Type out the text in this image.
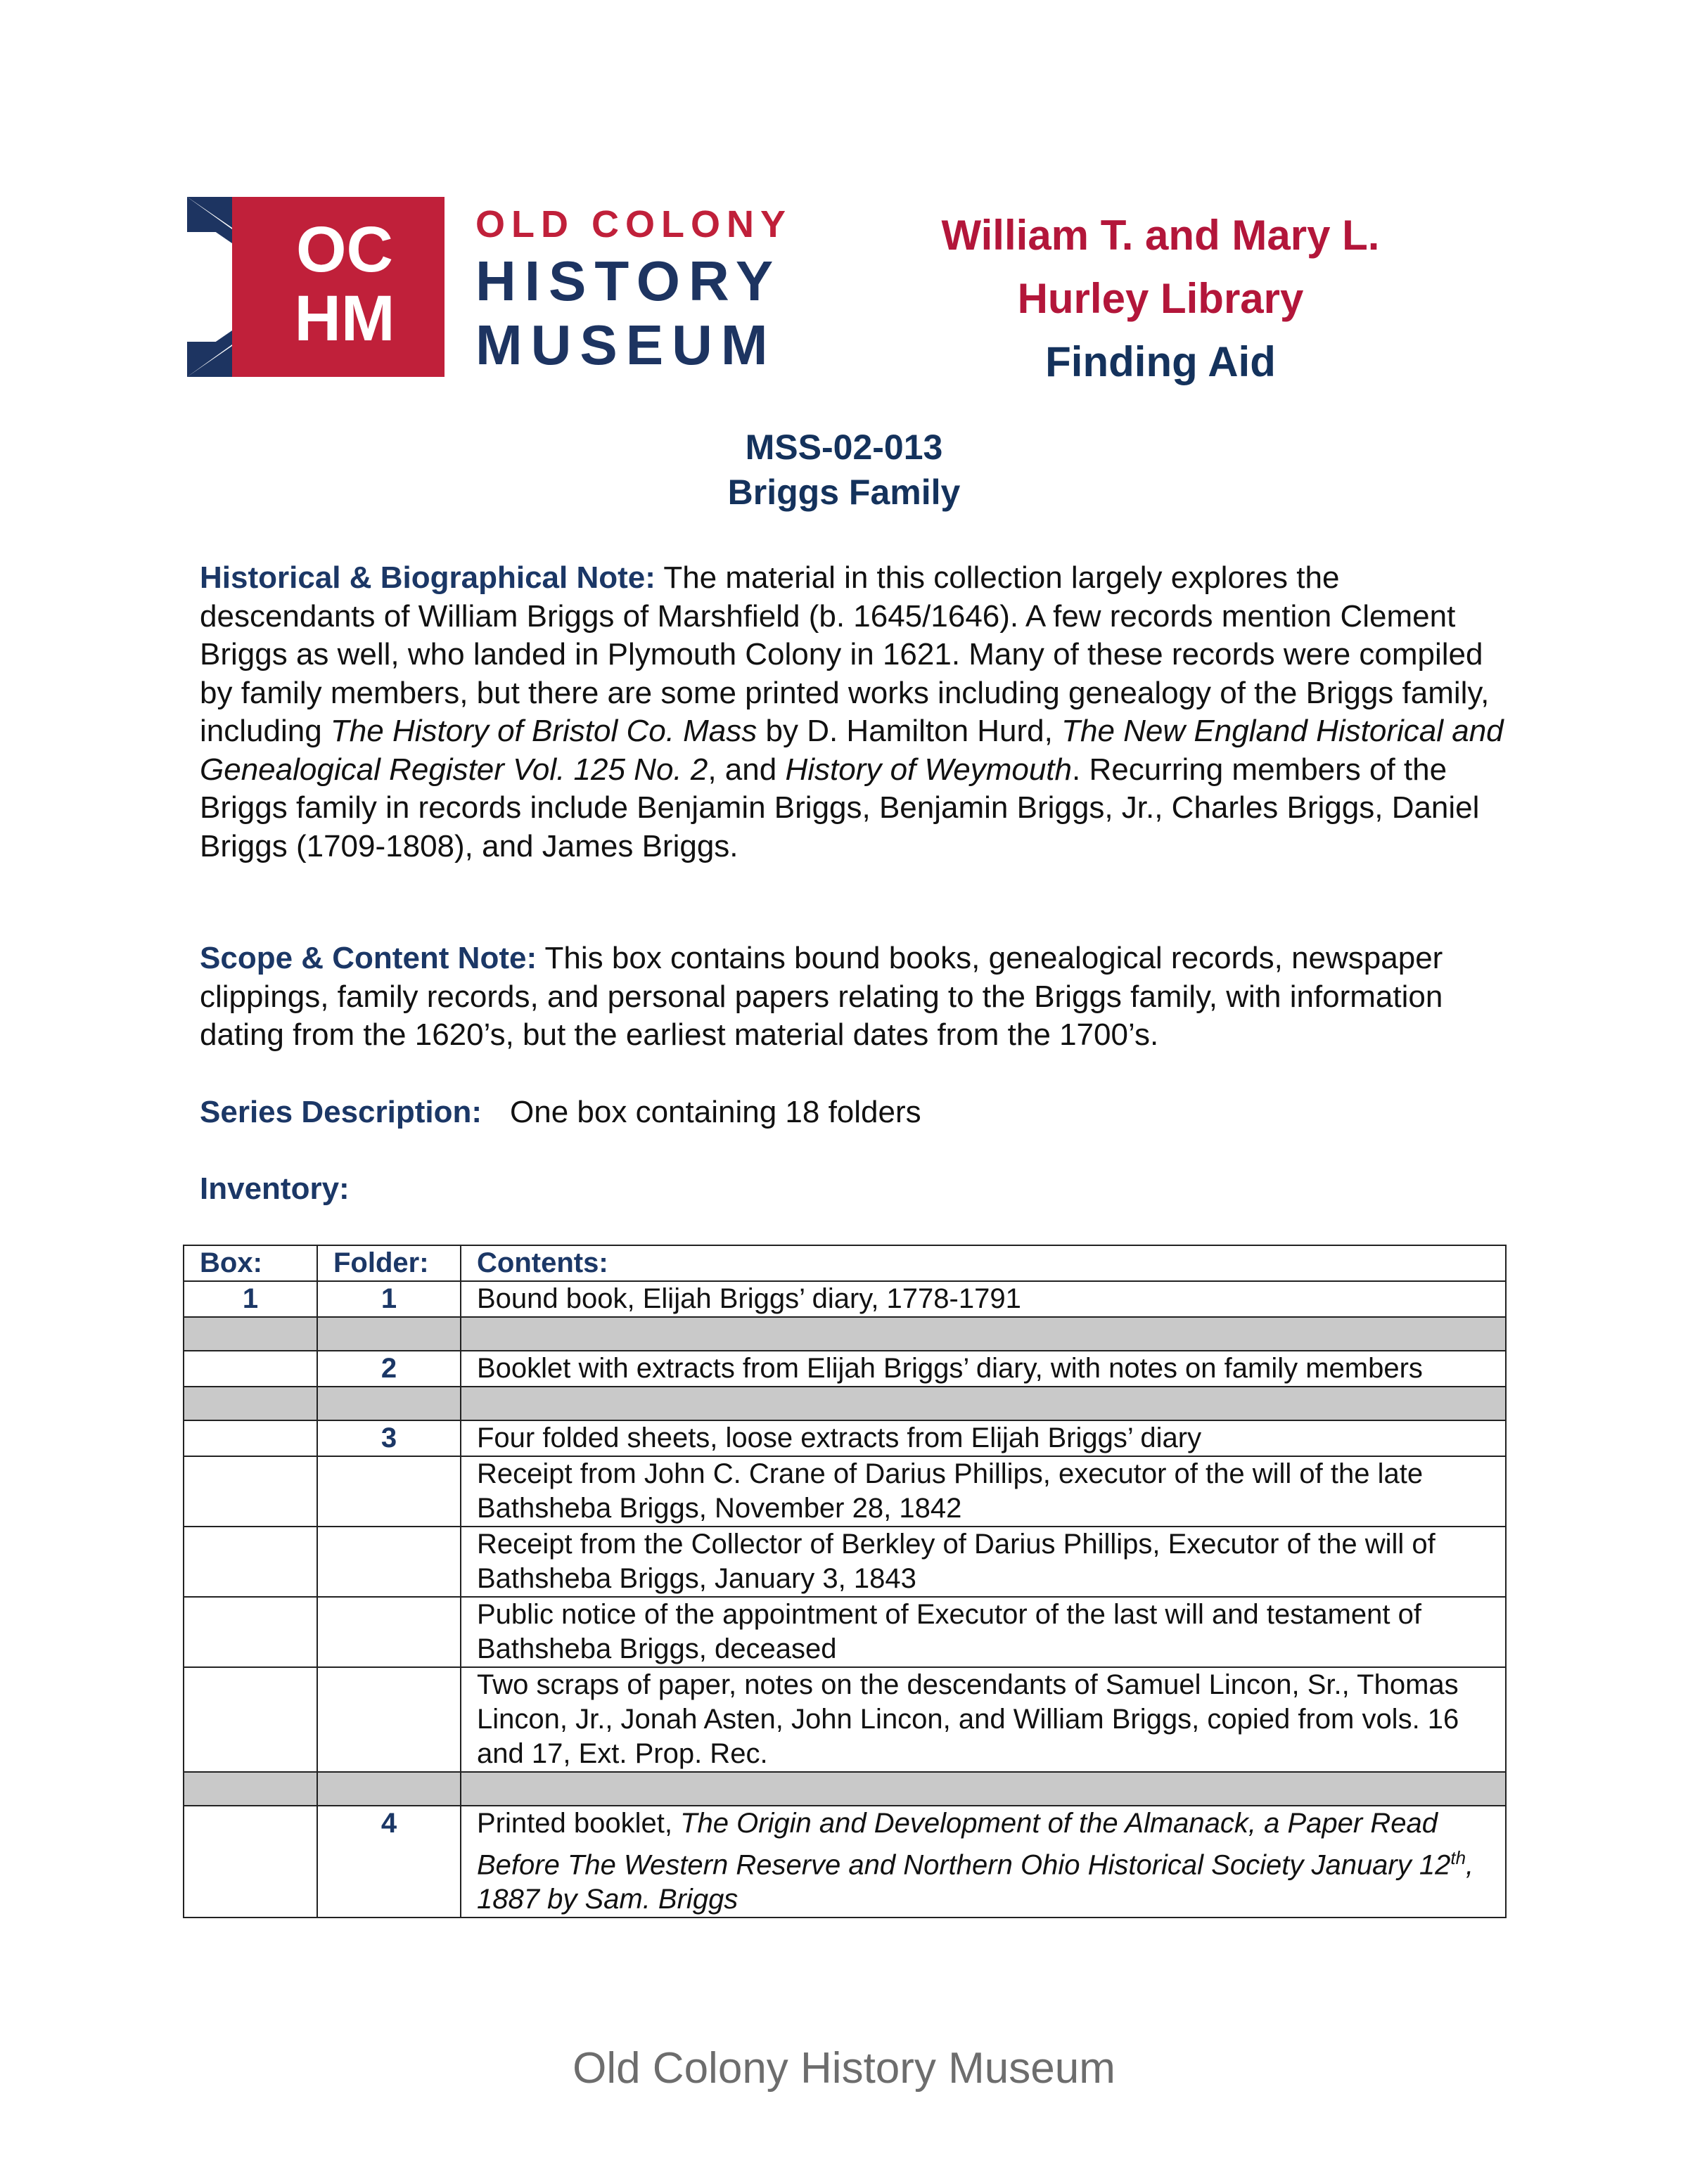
OC
HM
OLD COLONY
HISTORY
MUSEUM
William T. and Mary L.
Hurley Library
Finding Aid
MSS-02-013
Briggs Family
Historical & Biographical Note: The material in this collection largely explores the descendants of William Briggs of Marshfield (b. 1645/1646). A few records mention Clement Briggs as well, who landed in Plymouth Colony in 1621. Many of these records were compiled by family members, but there are some printed works including genealogy of the Briggs family, including The History of Bristol Co. Mass by D. Hamilton Hurd, The New England Historical and Genealogical Register Vol. 125 No. 2, and History of Weymouth. Recurring members of the Briggs family in records include Benjamin Briggs, Benjamin Briggs, Jr., Charles Briggs, Daniel Briggs (1709-1808), and James Briggs.
Scope & Content Note: This box contains bound books, genealogical records, newspaper clippings, family records, and personal papers relating to the Briggs family, with information dating from the 1620’s, but the earliest material dates from the 1700’s.
Series Description: One box containing 18 folders
Inventory:
Box:	Folder:	Contents:
1	1	Bound book, Elijah Briggs’ diary, 1778-1791

	2	Booklet with extracts from Elijah Briggs’ diary, with notes on family members

	3	Four folded sheets, loose extracts from Elijah Briggs’ diary
		Receipt from John C. Crane of Darius Phillips, executor of the will of the late Bathsheba Briggs, November 28, 1842
		Receipt from the Collector of Berkley of Darius Phillips, Executor of the will of Bathsheba Briggs, January 3, 1843
		Public notice of the appointment of Executor of the last will and testament of Bathsheba Briggs, deceased
		Two scraps of paper, notes on the descendants of Samuel Lincon, Sr., Thomas Lincon, Jr., Jonah Asten, John Lincon, and William Briggs, copied from vols. 16 and 17, Ext. Prop. Rec.

	4	Printed booklet, The Origin and Development of the Almanack, a Paper Read Before The Western Reserve and Northern Ohio Historical Society January 12th, 1887 by Sam. Briggs
Old Colony History Museum
